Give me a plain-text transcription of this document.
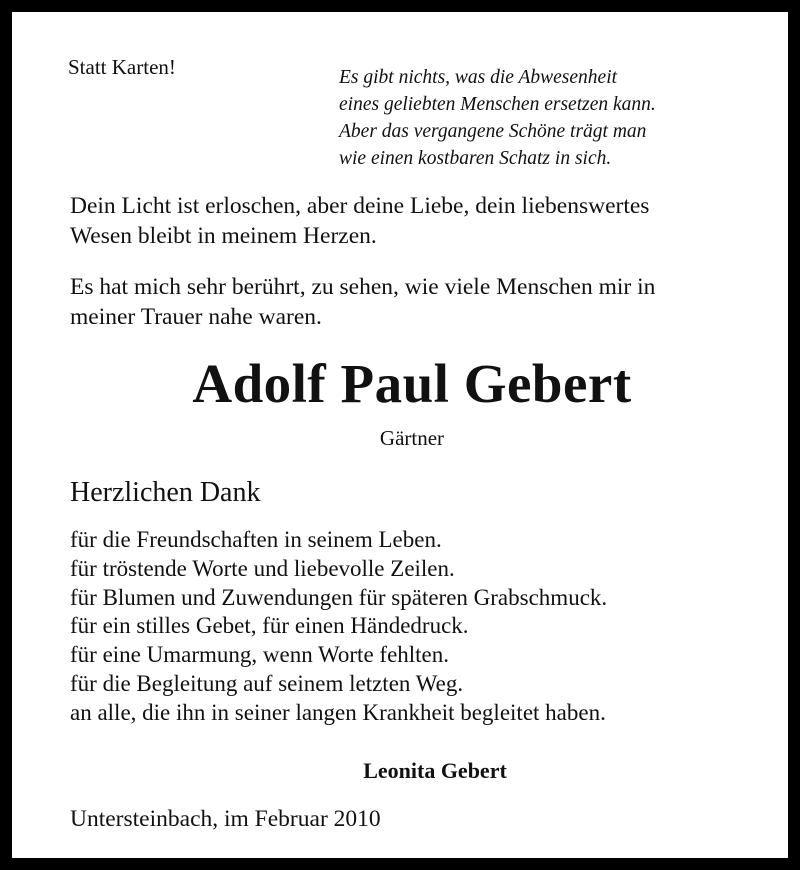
Statt Karten!	Es gibt nichts, was die Abwesenheit
eines geliebten Menschen ersetzen kann.
Aber das vergangene Schöne trägt man
wie einen kostbaren Schatz in sich.
Dein Licht ist erloschen, aber deine Liebe, dein liebenswertes
Wesen bleibt in meinem Herzen.
Es hat mich sehr berührt, zu sehen, wie viele Menschen mir in
meiner Trauer nahe waren.
Adolf Paul Gebert
Gärtner
Herzlichen Dank
für die Freundschaften in seinem Leben.
für tröstende Worte und liebevolle Zeilen.
für Blumen und Zuwendungen für späteren Grabschmuck.
für ein stilles Gebet, für einen Händedruck.
für eine Umarmung, wenn Worte fehlten.
für die Begleitung auf seinem letzten Weg.
an alle, die ihn in seiner langen Krankheit begleitet haben.
Leonita Gebert
Untersteinbach, im Februar 2010
